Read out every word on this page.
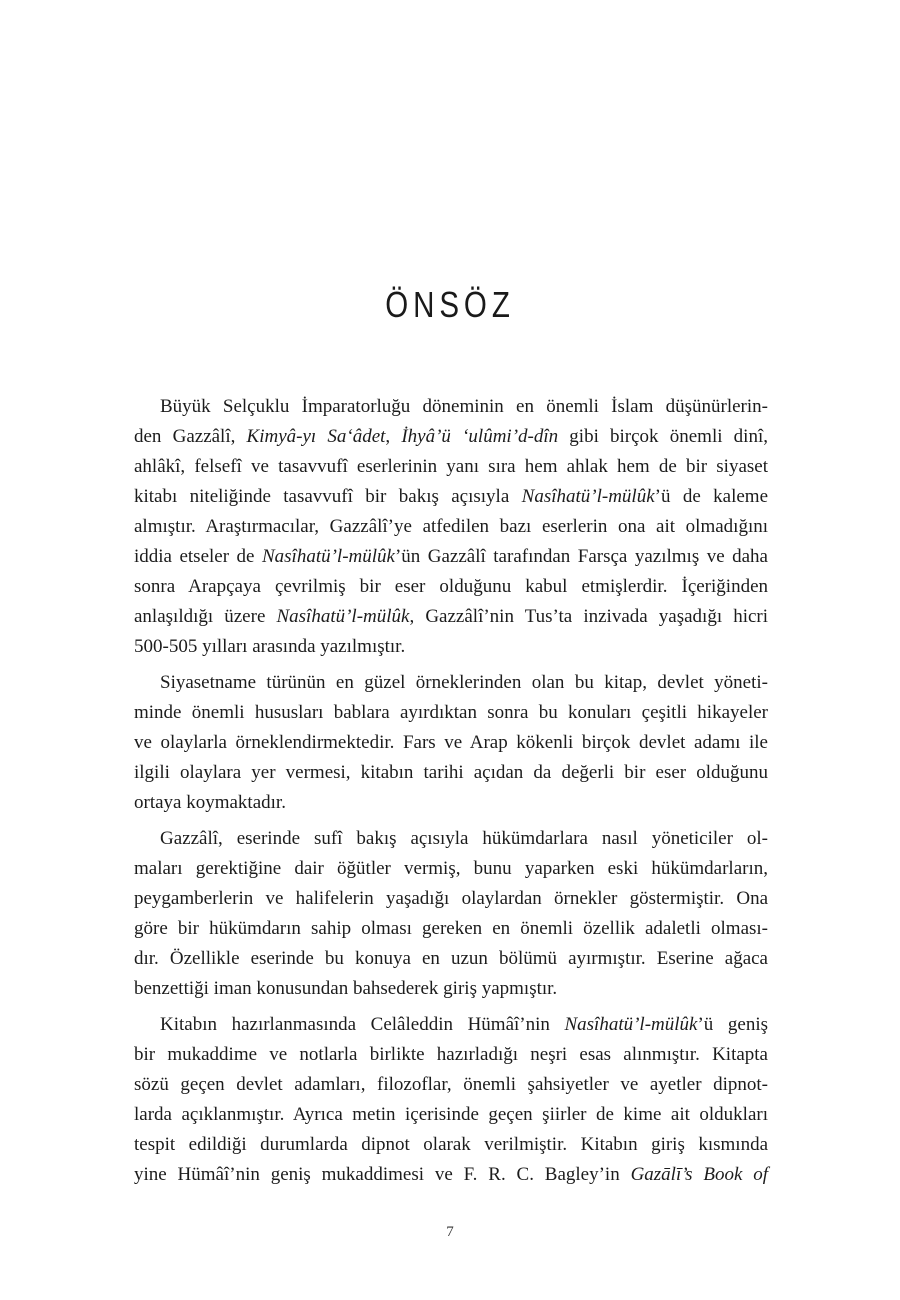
ÖNSÖZ
Büyük Selçuklu İmparatorluğu döneminin en önemli İslam düşünürlerin-
den Gazzâlî, Kimyâ-yı Sa‘âdet, İhyâ’ü ‘ulûmi’d-dîn gibi birçok önemli dinî,
ahlâkî, felsefî ve tasavvufî eserlerinin yanı sıra hem ahlak hem de bir siyaset
kitabı niteliğinde tasavvufî bir bakış açısıyla Nasîhatü’l-mülûk’ü de kaleme
almıştır. Araştırmacılar, Gazzâlî’ye atfedilen bazı eserlerin ona ait olmadığını
iddia etseler de Nasîhatü’l-mülûk’ün Gazzâlî tarafından Farsça yazılmış ve daha
sonra Arapçaya çevrilmiş bir eser olduğunu kabul etmişlerdir. İçeriğinden
anlaşıldığı üzere Nasîhatü’l-mülûk, Gazzâlî’nin Tus’ta inzivada yaşadığı hicri
500-505 yılları arasında yazılmıştır.
Siyasetname türünün en güzel örneklerinden olan bu kitap, devlet yöneti-
minde önemli hususları bablara ayırdıktan sonra bu konuları çeşitli hikayeler
ve olaylarla örneklendirmektedir. Fars ve Arap kökenli birçok devlet adamı ile
ilgili olaylara yer vermesi, kitabın tarihi açıdan da değerli bir eser olduğunu
ortaya koymaktadır.
Gazzâlî, eserinde sufî bakış açısıyla hükümdarlara nasıl yöneticiler ol-
maları gerektiğine dair öğütler vermiş, bunu yaparken eski hükümdarların,
peygamberlerin ve halifelerin yaşadığı olaylardan örnekler göstermiştir. Ona
göre bir hükümdarın sahip olması gereken en önemli özellik adaletli olması-
dır. Özellikle eserinde bu konuya en uzun bölümü ayırmıştır. Eserine ağaca
benzettiği iman konusundan bahsederek giriş yapmıştır.
Kitabın hazırlanmasında Celâleddin Hümâî’nin Nasîhatü’l-mülûk’ü geniş
bir mukaddime ve notlarla birlikte hazırladığı neşri esas alınmıştır. Kitapta
sözü geçen devlet adamları, filozoflar, önemli şahsiyetler ve ayetler dipnot-
larda açıklanmıştır. Ayrıca metin içerisinde geçen şiirler de kime ait oldukları
tespit edildiği durumlarda dipnot olarak verilmiştir. Kitabın giriş kısmında
yine Hümâî’nin geniş mukaddimesi ve F. R. C. Bagley’in Gazālī’s Book of
7
